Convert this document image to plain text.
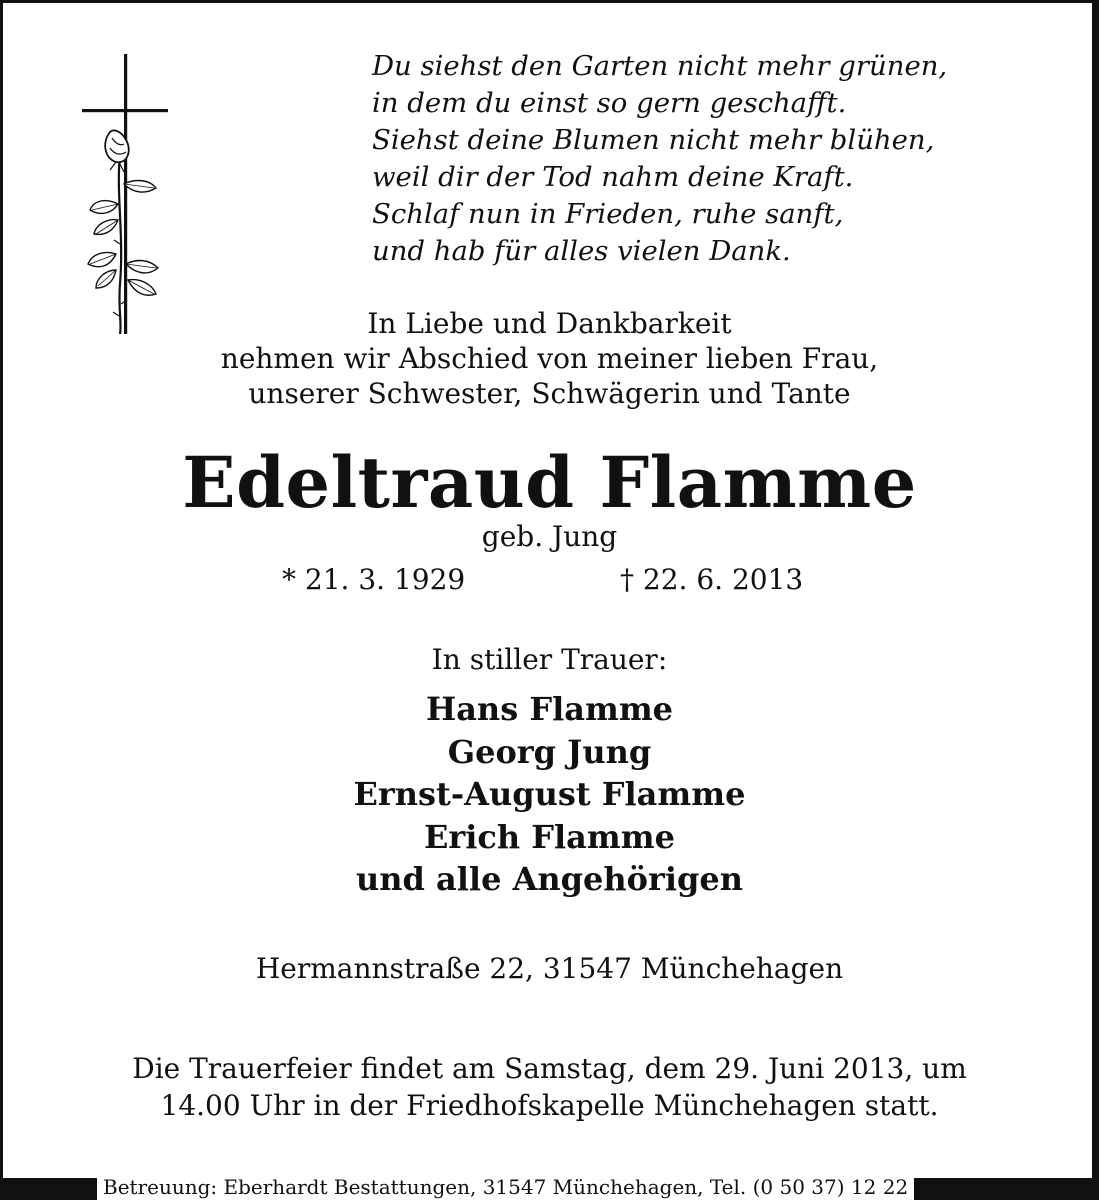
Du siehst den Garten nicht mehr grünen,
in dem du einst so gern geschafft.
Siehst deine Blumen nicht mehr blühen,
weil dir der Tod nahm deine Kraft.
Schlaf nun in Frieden, ruhe sanft,
und hab für alles vielen Dank.
In Liebe und Dankbarkeit
nehmen wir Abschied von meiner lieben Frau,
unserer Schwester, Schwägerin und Tante
Edeltraud Flamme
geb. Jung
* 21. 3. 1929	† 22. 6. 2013
In stiller Trauer:
Hans Flamme
Georg Jung
Ernst-August Flamme
Erich Flamme
und alle Angehörigen
Hermannstraße 22, 31547 Münchehagen
Die Trauerfeier findet am Samstag, dem 29. Juni 2013, um
14.00 Uhr in der Friedhofskapelle Münchehagen statt.
Betreuung: Eberhardt Bestattungen, 31547 Münchehagen, Tel. (0 50 37) 12 22
